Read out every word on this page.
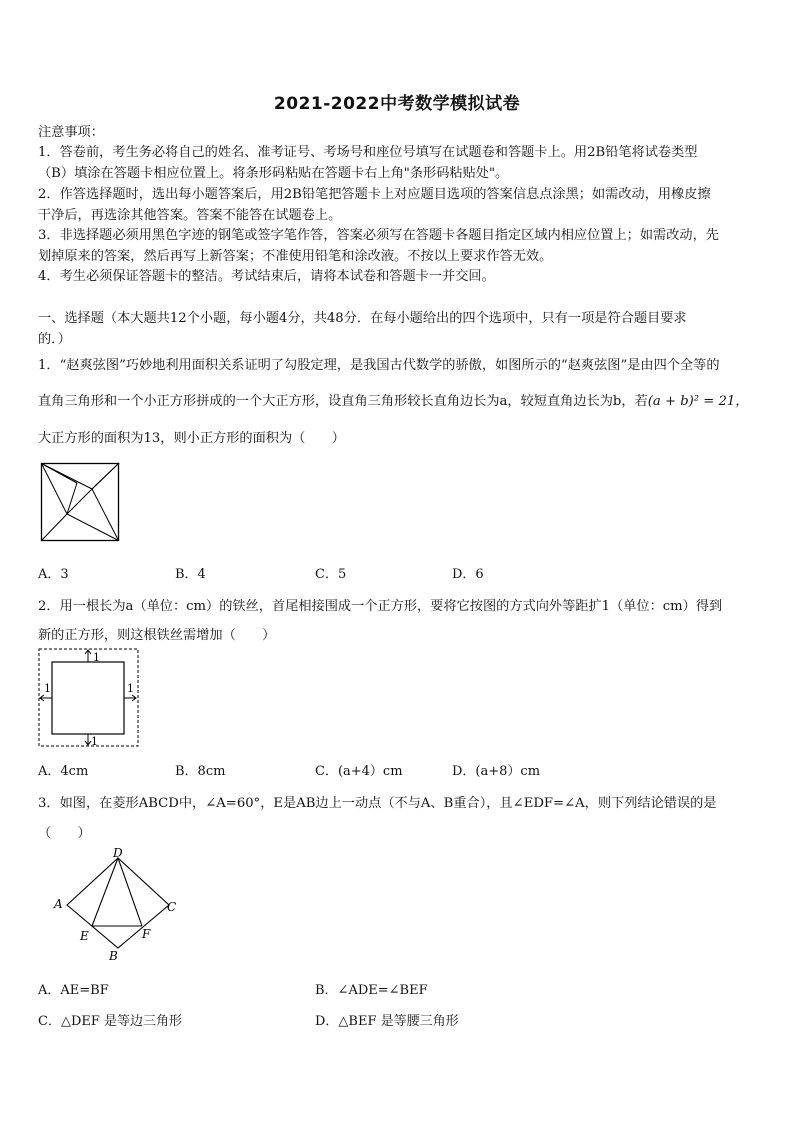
2021-2022中考数学模拟试卷
注意事项：
1．答卷前，考生务必将自己的姓名、准考证号、考场号和座位号填写在试题卷和答题卡上。用2B铅笔将试卷类型
（B）填涂在答题卡相应位置上。将条形码粘贴在答题卡右上角"条形码粘贴处"。
2．作答选择题时，选出每小题答案后，用2B铅笔把答题卡上对应题目选项的答案信息点涂黑；如需改动，用橡皮擦
干净后，再选涂其他答案。答案不能答在试题卷上。
3．非选择题必须用黑色字迹的钢笔或签字笔作答，答案必须写在答题卡各题目指定区域内相应位置上；如需改动，先
划掉原来的答案，然后再写上新答案；不准使用铅笔和涂改液。不按以上要求作答无效。
4．考生必须保证答题卡的整洁。考试结束后，请将本试卷和答题卡一并交回。
一、选择题（本大题共12个小题，每小题4分，共48分．在每小题给出的四个选项中，只有一项是符合题目要求
的．）
1．“赵爽弦图”巧妙地利用面积关系证明了勾股定理，是我国古代数学的骄傲，如图所示的“赵爽弦图”是由四个全等的
直角三角形和一个小正方形拼成的一个大正方形，设直角三角形较长直角边长为a，较短直角边长为b，若(a + b)² = 21，
大正方形的面积为13，则小正方形的面积为（　　）
A．3	B．4	C．5	D．6
2．用一根长为a（单位：cm）的铁丝，首尾相接围成一个正方形，要将它按图的方式向外等距扩1（单位：cm）得到
新的正方形，则这根铁丝需增加（　　）
1
1	1
1
A．4cm	B．8cm	C．(a+4）cm	D．(a+8）cm
3．如图，在菱形ABCD中，∠A=60°，E是AB边上一动点（不与A、B重合），且∠EDF=∠A，则下列结论错误的是
（　　）
D
A	C
E	F
B
A．AE=BF	B．∠ADE=∠BEF
C．△DEF 是等边三角形	D．△BEF 是等腰三角形
